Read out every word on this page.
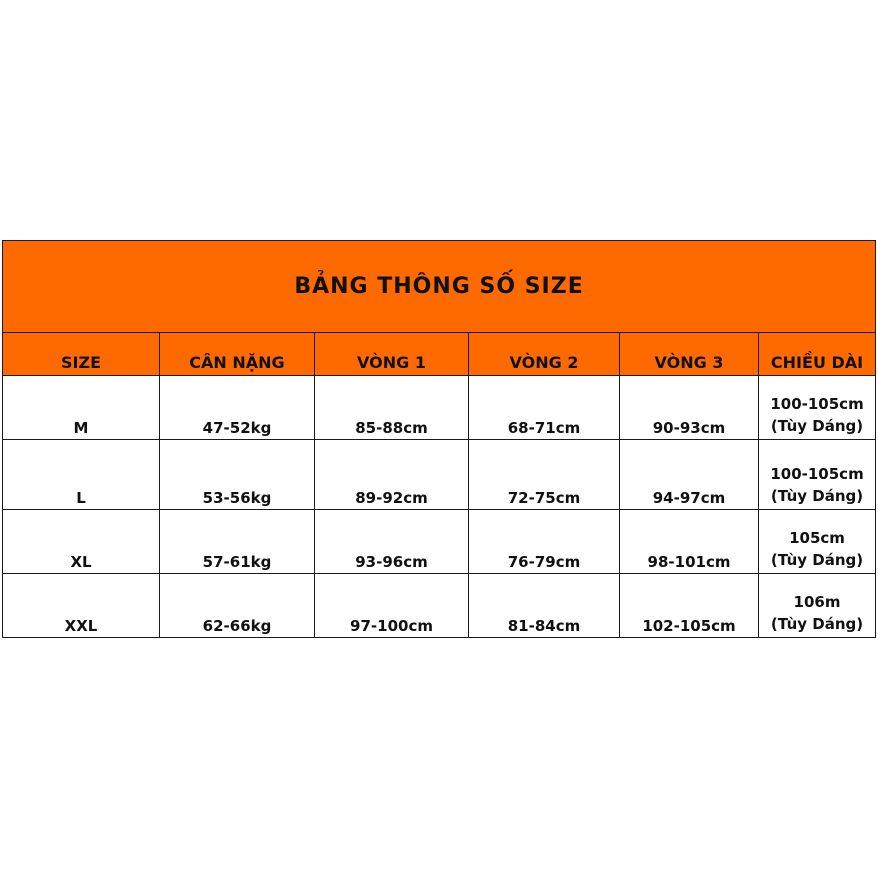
BẢNG THÔNG SỐ SIZE					
SIZE	CÂN NẶNG	VÒNG 1	VÒNG 2	VÒNG 3	CHIỀU DÀI
M	47-52kg	85-88cm	68-71cm	90-93cm	100-105cm
(Tùy Dáng)

L	53-56kg	89-92cm	72-75cm	94-97cm	100-105cm
(Tùy Dáng)

XL	57-61kg	93-96cm	76-79cm	98-101cm	105cm
(Tùy Dáng)

XXL	62-66kg	97-100cm	81-84cm	102-105cm	106m
(Tùy Dáng)
